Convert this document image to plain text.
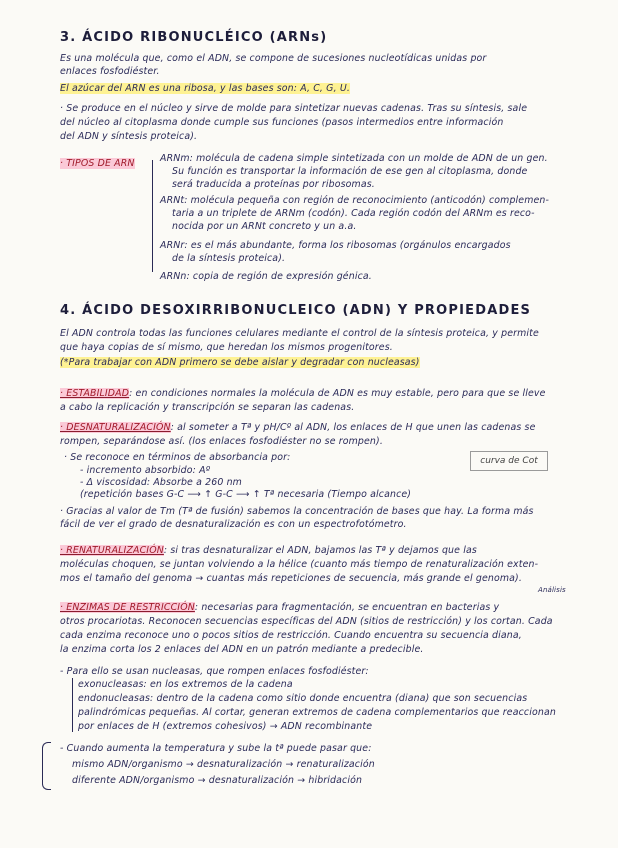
3. ÁCIDO RIBONUCLÉICO (ARNs)
Es una molécula que, como el ADN, se compone de sucesiones nucleotídicas unidas por
enlaces fosfodiéster.
El azúcar del ARN es una ribosa, y las bases son: A, C, G, U.
· Se produce en el núcleo y sirve de molde para sintetizar nuevas cadenas. Tras su síntesis, sale
del núcleo al citoplasma donde cumple sus funciones (pasos intermedios entre información
del ADN y síntesis proteica).
· TIPOS DE ARN	ARNm: molécula de cadena simple sintetizada con un molde de ADN de un gen.
Su función es transportar la información de ese gen al citoplasma, donde
será traducida a proteínas por ribosomas.
ARNt: molécula pequeña con región de reconocimiento (anticodón) complemen-
taria a un triplete de ARNm (codón). Cada región codón del ARNm es reco-
nocida por un ARNt concreto y un a.a.
ARNr: es el más abundante, forma los ribosomas (orgánulos encargados
de la síntesis proteica).
ARNn: copia de región de expresión génica.
4. ÁCIDO DESOXIRRIBONUCLEICO (ADN) Y PROPIEDADES
El ADN controla todas las funciones celulares mediante el control de la síntesis proteica, y permite
que haya copias de sí mismo, que heredan los mismos progenitores.
(*Para trabajar con ADN primero se debe aislar y degradar con nucleasas)
· ESTABILIDAD: en condiciones normales la molécula de ADN es muy estable, pero para que se lleve
a cabo la replicación y transcripción se separan las cadenas.
· DESNATURALIZACIÓN: al someter a Tª y pH/Cº al ADN, los enlaces de H que unen las cadenas se
rompen, separándose así. (los enlaces fosfodiéster no se rompen).
· Se reconoce en términos de absorbancia por:
- incremento absorbido: Aº
- Δ viscosidad: Absorbe a 260 nm
(repetición bases G-C ⟶ ↑ G-C ⟶ ↑ Tª necesaria (Tiempo alcance)
curva de Cot
· Gracias al valor de Tm (Tª de fusión) sabemos la concentración de bases que hay. La forma más
fácil de ver el grado de desnaturalización es con un espectrofotómetro.
· RENATURALIZACIÓN: si tras desnaturalizar el ADN, bajamos las Tª y dejamos que las
moléculas choquen, se juntan volviendo a la hélice (cuanto más tiempo de renaturalización exten-
mos el tamaño del genoma → cuantas más repeticiones de secuencia, más grande el genoma).
Análisis
· ENZIMAS DE RESTRICCIÓN: necesarias para fragmentación, se encuentran en bacterias y
otros procariotas. Reconocen secuencias específicas del ADN (sitios de restricción) y los cortan. Cada
cada enzima reconoce uno o pocos sitios de restricción. Cuando encuentra su secuencia diana,
la enzima corta los 2 enlaces del ADN en un patrón mediante a predecible.
- Para ello se usan nucleasas, que rompen enlaces fosfodiéster:
exonucleasas: en los extremos de la cadena
endonucleasas: dentro de la cadena como sitio donde encuentra (diana) que son secuencias
palindrómicas pequeñas. Al cortar, generan extremos de cadena complementarios que reaccionan
por enlaces de H (extremos cohesivos) → ADN recombinante
- Cuando aumenta la temperatura y sube la tª puede pasar que:
mismo ADN/organismo → desnaturalización → renaturalización
diferente ADN/organismo → desnaturalización → hibridación
